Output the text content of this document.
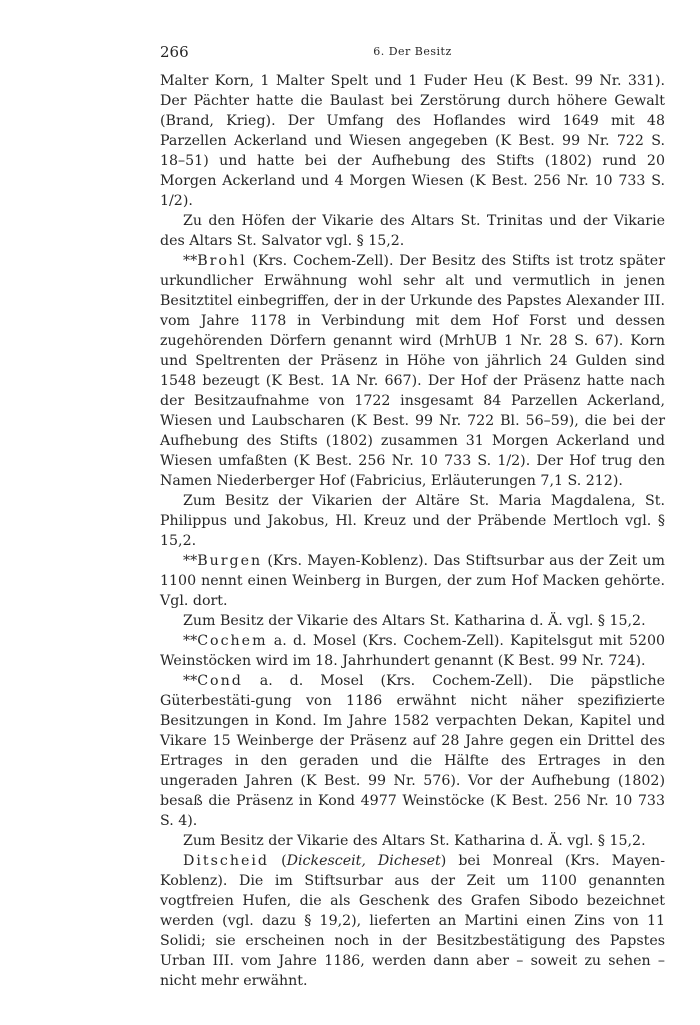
266	6. Der Besitz

Malter Korn, 1 Malter Spelt und 1 Fuder Heu (K Best. 99 Nr. 331). Der Pächter hatte die Baulast bei Zerstörung durch höhere Gewalt (Brand, Krieg). Der Umfang des Hoflandes wird 1649 mit 48 Parzellen Ackerland und Wiesen angegeben (K Best. 99 Nr. 722 S. 18–51) und hatte bei der Aufhebung des Stifts (1802) rund 20 Morgen Ackerland und 4 Morgen Wiesen (K Best. 256 Nr. 10 733 S. 1/2).

Zu den Höfen der Vikarie des Altars St. Trinitas und der Vikarie des Altars St. Salvator vgl. § 15,2.

**Brohl (Krs. Cochem-Zell). Der Besitz des Stifts ist trotz später urkundlicher Erwähnung wohl sehr alt und vermutlich in jenen Besitztitel einbegriffen, der in der Urkunde des Papstes Alexander III. vom Jahre 1178 in Verbindung mit dem Hof Forst und dessen zugehörenden Dörfern genannt wird (MrhUB 1 Nr. 28 S. 67). Korn und Speltrenten der Präsenz in Höhe von jährlich 24 Gulden sind 1548 bezeugt (K Best. 1A Nr. 667). Der Hof der Präsenz hatte nach der Besitzaufnahme von 1722 insgesamt 84 Parzellen Ackerland, Wiesen und Laubscharen (K Best. 99 Nr. 722 Bl. 56–59), die bei der Aufhebung des Stifts (1802) zusammen 31 Morgen Ackerland und Wiesen umfaßten (K Best. 256 Nr. 10 733 S. 1/2). Der Hof trug den Namen Niederberger Hof (Fabricius, Erläuterungen 7,1 S. 212).

Zum Besitz der Vikarien der Altäre St. Maria Magdalena, St. Philippus und Jakobus, Hl. Kreuz und der Präbende Mertloch vgl. § 15,2.

**Burgen (Krs. Mayen-Koblenz). Das Stiftsurbar aus der Zeit um 1100 nennt einen Weinberg in Burgen, der zum Hof Macken gehörte. Vgl. dort.

Zum Besitz der Vikarie des Altars St. Katharina d. Ä. vgl. § 15,2.

**Cochem a. d. Mosel (Krs. Cochem-Zell). Kapitelsgut mit 5200 Weinstöcken wird im 18. Jahrhundert genannt (K Best. 99 Nr. 724).

**Cond a. d. Mosel (Krs. Cochem-Zell). Die päpstliche Güterbestäti-gung von 1186 erwähnt nicht näher spezifizierte Besitzungen in Kond. Im Jahre 1582 verpachten Dekan, Kapitel und Vikare 15 Weinberge der Präsenz auf 28 Jahre gegen ein Drittel des Ertrages in den geraden und die Hälfte des Ertrages in den ungeraden Jahren (K Best. 99 Nr. 576). Vor der Aufhebung (1802) besaß die Präsenz in Kond 4977 Weinstöcke (K Best. 256 Nr. 10 733 S. 4).

Zum Besitz der Vikarie des Altars St. Katharina d. Ä. vgl. § 15,2.

Ditscheid (Dickesceit, Dicheset) bei Monreal (Krs. Mayen-Koblenz). Die im Stiftsurbar aus der Zeit um 1100 genannten vogtfreien Hufen, die als Geschenk des Grafen Sibodo bezeichnet werden (vgl. dazu § 19,2), lieferten an Martini einen Zins von 11 Solidi; sie erscheinen noch in der Besitzbestätigung des Papstes Urban III. vom Jahre 1186, werden dann aber – soweit zu sehen – nicht mehr erwähnt.
